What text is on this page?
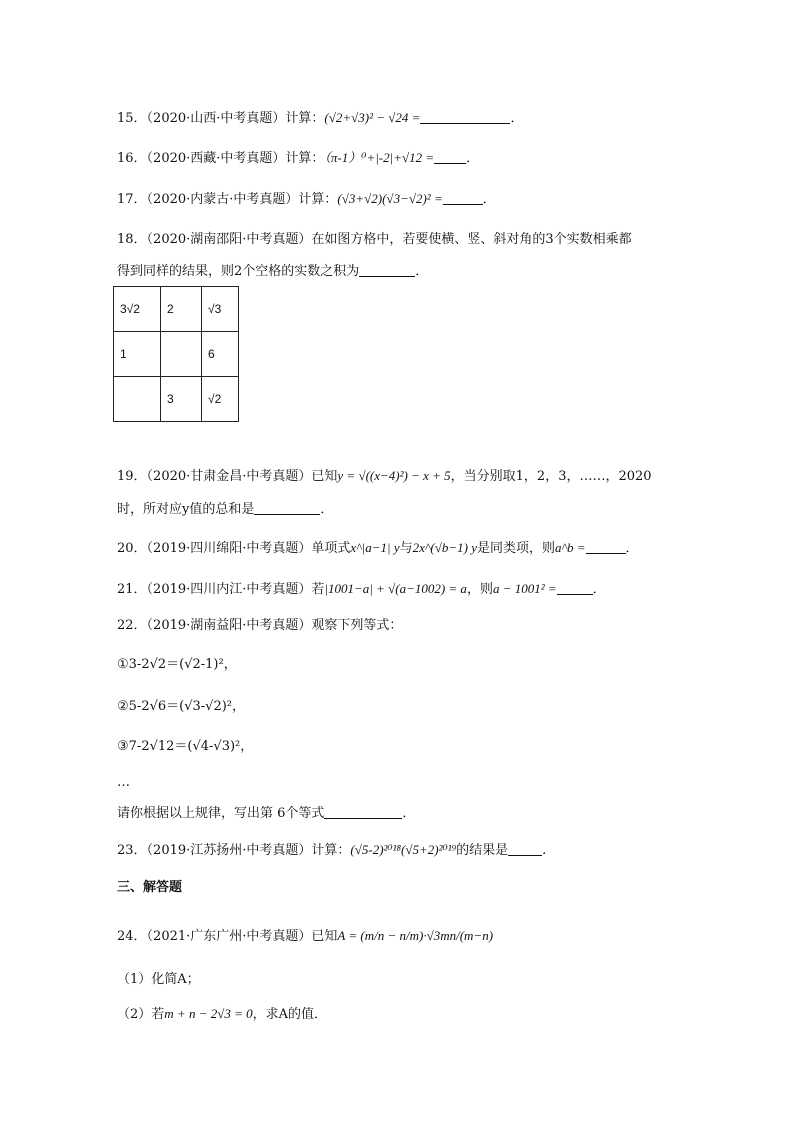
15．（2020·山西·中考真题）计算：(√2+√3)² − √24 =	．
16．（2020·西藏·中考真题）计算：（π-1）⁰+|-2|+√12 = ．
17．（2020·内蒙古·中考真题）计算：(√3+√2)(√3−√2)² =	．
18．（2020·湖南邵阳·中考真题）在如图方格中，若要使横、竖、斜对角的3个实数相乘都
得到同样的结果，则2个空格的实数之积为	．
3√2	2	√3
1		6
	3	√2
19．（2020·甘肃金昌·中考真题）已知y = √((x−4)²) − x + 5，当分别取1，2，3，……，2020
时，所对应y值的总和是	．
20．（2019·四川绵阳·中考真题）单项式x^|a−1| y与2x^(√b−1) y是同类项，则a^b =	．
21．（2019·四川内江·中考真题）若|1001−a| + √(a−1002) = a，则a − 1001² =	．
22．（2019·湖南益阳·中考真题）观察下列等式：
①3-2√2＝(√2-1)²，
②5-2√6＝(√3-√2)²，
③7-2√12＝(√4-√3)²，
…
请你根据以上规律，写出第 6个等式	．
23．（2019·江苏扬州·中考真题）计算：(√5-2)²⁰¹⁸(√5+2)²⁰¹⁹的结果是	.
三、解答题
24．（2021·广东广州·中考真题）已知A = (m/n − n/m)·√3mn/(m−n)
（1）化简A；
（2）若m + n − 2√3 = 0，求A的值．
